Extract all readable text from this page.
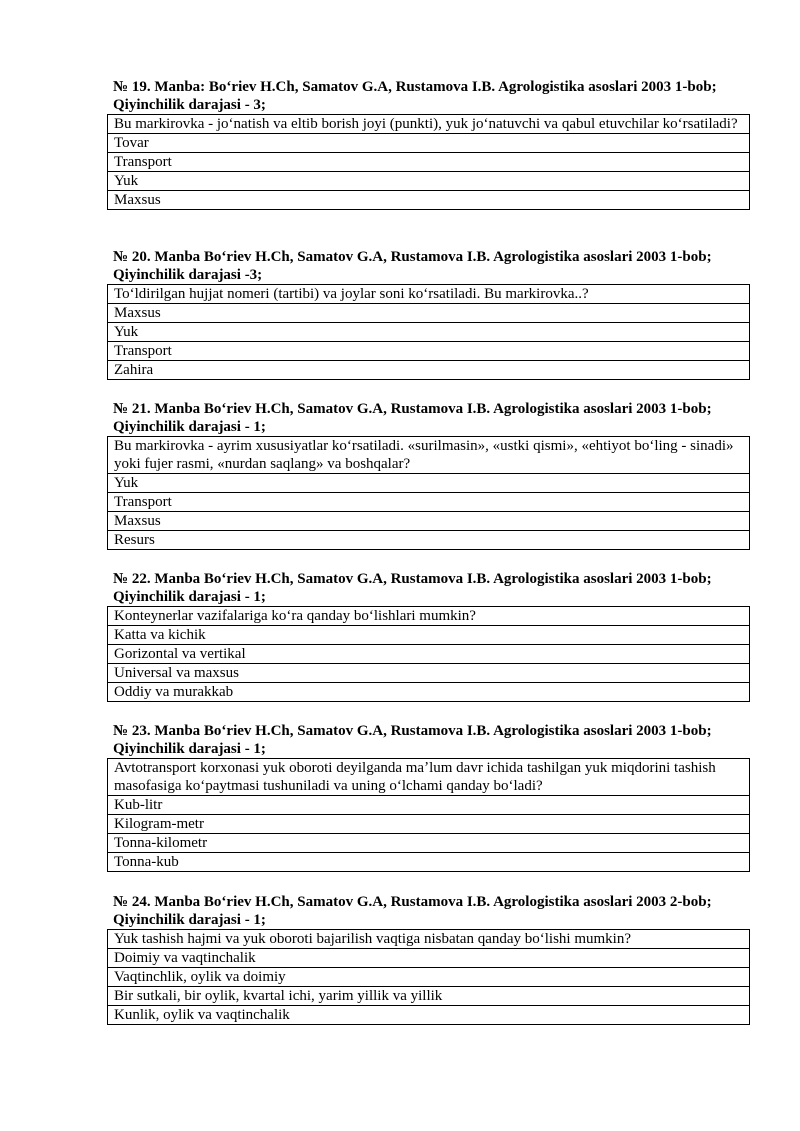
№ 19. Manba: Boʻriev H.Ch, Samatov G.A, Rustamova I.B. Agrologistika asoslari 2003 1-bob; Qiyinchilik darajasi - 3;

Bu markirovka - joʻnatish va eltib borish joyi (punkti), yuk joʻnatuvchi va qabul etuvchilar koʻrsatiladi?
Tovar
Transport
Yuk
Maxsus

№ 20. Manba Boʻriev H.Ch, Samatov G.A, Rustamova I.B. Agrologistika asoslari 2003 1-bob; Qiyinchilik darajasi -3;

Toʻldirilgan hujjat nomeri (tartibi) va joylar soni koʻrsatiladi. Bu markirovka..?
Maxsus
Yuk
Transport
Zahira

№ 21. Manba Boʻriev H.Ch, Samatov G.A, Rustamova I.B. Agrologistika asoslari 2003 1-bob; Qiyinchilik darajasi - 1;

Bu markirovka - ayrim xususiyatlar koʻrsatiladi. «surilmasin», «ustki qismi», «ehtiyot boʻling - sinadi» yoki fujer rasmi, «nurdan saqlang» va boshqalar?
Yuk
Transport
Maxsus
Resurs

№ 22. Manba Boʻriev H.Ch, Samatov G.A, Rustamova I.B. Agrologistika asoslari 2003 1-bob; Qiyinchilik darajasi - 1;

Konteynerlar vazifalariga koʻra qanday boʻlishlari mumkin?
Katta va kichik
Gorizontal va vertikal
Universal va maxsus
Oddiy va murakkab

№ 23. Manba Boʻriev H.Ch, Samatov G.A, Rustamova I.B. Agrologistika asoslari 2003 1-bob; Qiyinchilik darajasi - 1;

Avtotransport korxonasi yuk oboroti deyilganda maʼlum davr ichida tashilgan yuk miqdorini tashish masofasiga koʻpaytmasi tushuniladi va uning oʻlchami qanday boʻladi?
Kub-litr
Kilogram-metr
Tonna-kilometr
Tonna-kub

№ 24. Manba Boʻriev H.Ch, Samatov G.A, Rustamova I.B. Agrologistika asoslari 2003 2-bob; Qiyinchilik darajasi - 1;

Yuk tashish hajmi va yuk oboroti bajarilish vaqtiga nisbatan qanday boʻlishi mumkin?
Doimiy va vaqtinchalik
Vaqtinchlik, oylik va doimiy
Bir sutkali, bir oylik, kvartal ichi, yarim yillik va yillik
Kunlik, oylik va vaqtinchalik
